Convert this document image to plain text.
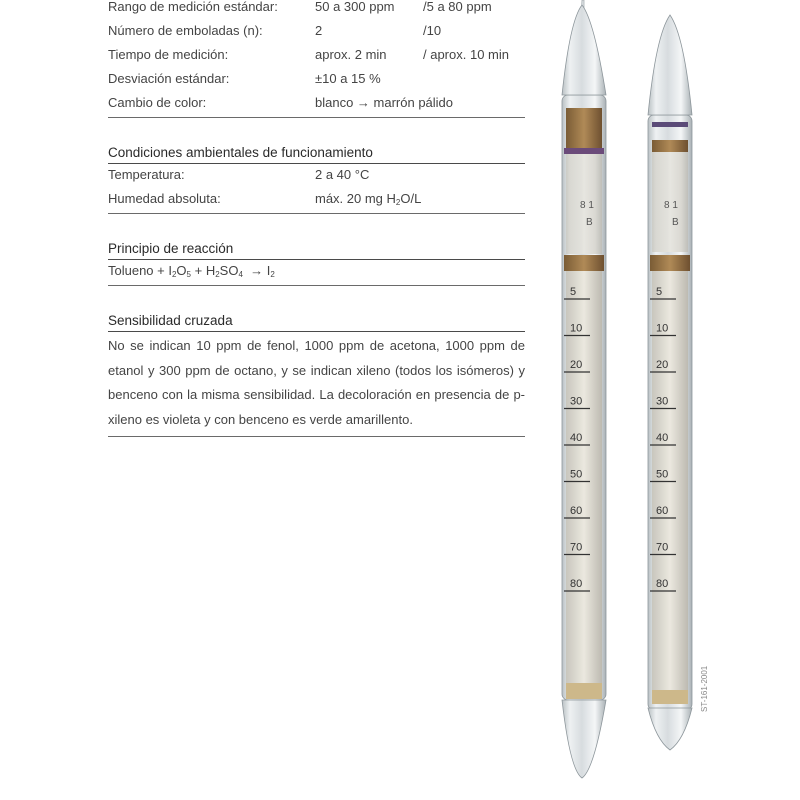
Rango de medición estándar:	50 a 300 ppm	/5 a 80 ppm
Número de emboladas (n):	2	/10
Tiempo de medición:	aprox. 2 min	/ aprox. 10 min
Desviación estándar:	±10 a 15 %
Cambio de color:	blanco → marrón pálido
Condiciones ambientales de funcionamiento
Temperatura:	2 a 40 °C
Humedad absoluta:	máx. 20 mg $H_2O/L$
Principio de reacción
Tolueno + $I_2O_5 + H_2SO_4 \to I_2$
Sensibilidad cruzada
No se indican 10 ppm de fenol, 1000 ppm de acetona, 1000 ppm de etanol y 300 ppm de octano, y se indican xileno (todos los isómeros) y benceno con la misma sensibilidad. La decoloración en presencia de p-xileno es violeta y con benceno es verde amarillento.
8 1
B
8 1
B
5
10
20
30
40
50
60
70
80
5
10
20
30
40
50
60
70
80
ST-161-2001
